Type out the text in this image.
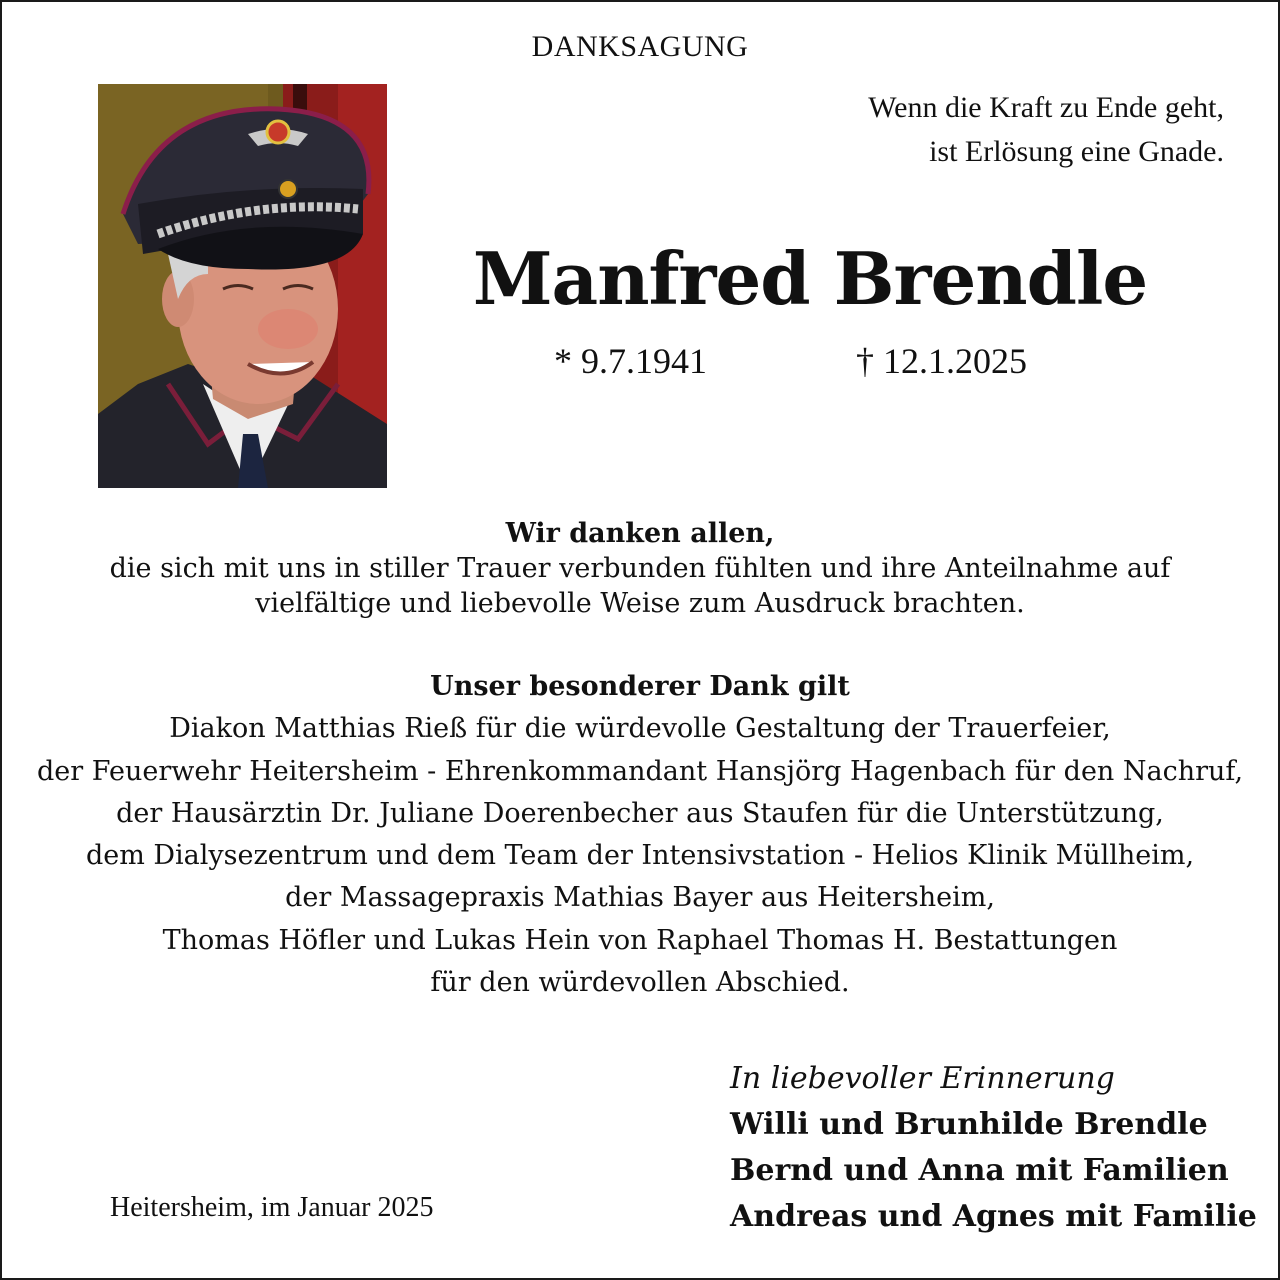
DANKSAGUNG
Wenn die Kraft zu Ende geht,
ist Erlösung eine Gnade.
Manfred Brendle
* 9.7.1941	† 12.1.2025
Wir danken allen,
die sich mit uns in stiller Trauer verbunden fühlten und ihre Anteilnahme auf
vielfältige und liebevolle Weise zum Ausdruck brachten.
Unser besonderer Dank gilt
Diakon Matthias Rieß für die würdevolle Gestaltung der Trauerfeier,
der Feuerwehr Heitersheim - Ehrenkommandant Hansjörg Hagenbach für den Nachruf,
der Hausärztin Dr. Juliane Doerenbecher aus Staufen für die Unterstützung,
dem Dialysezentrum und dem Team der Intensivstation - Helios Klinik Müllheim,
der Massagepraxis Mathias Bayer aus Heitersheim,
Thomas Höfler und Lukas Hein von Raphael Thomas H. Bestattungen
für den würdevollen Abschied.
Heitersheim, im Januar 2025
In liebevoller Erinnerung
Willi und Brunhilde Brendle
Bernd und Anna mit Familien
Andreas und Agnes mit Familie
